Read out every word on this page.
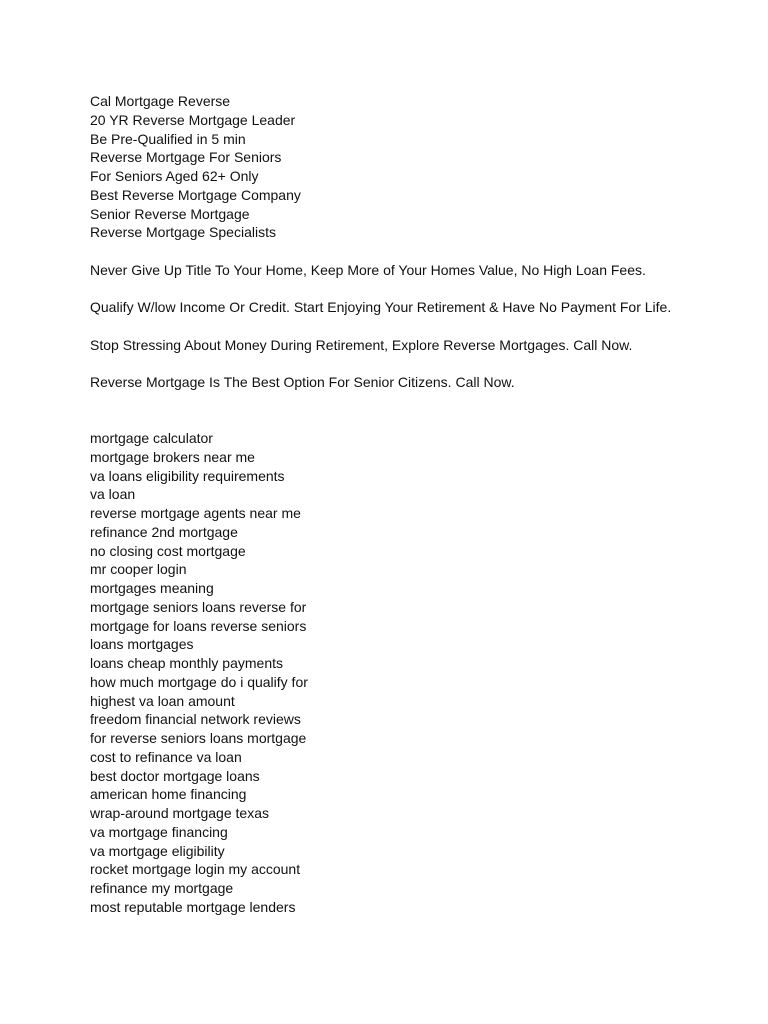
Cal Mortgage Reverse
20 YR Reverse Mortgage Leader
Be Pre-Qualified in 5 min
Reverse Mortgage For Seniors
For Seniors Aged 62+ Only
Best Reverse Mortgage Company
Senior Reverse Mortgage
Reverse Mortgage Specialists
Never Give Up Title To Your Home, Keep More of Your Homes Value, No High Loan Fees.
Qualify W/low Income Or Credit. Start Enjoying Your Retirement & Have No Payment For Life.
Stop Stressing About Money During Retirement, Explore Reverse Mortgages. Call Now.
Reverse Mortgage Is The Best Option For Senior Citizens. Call Now.
mortgage calculator
mortgage brokers near me
va loans eligibility requirements
va loan
reverse mortgage agents near me
refinance 2nd mortgage
no closing cost mortgage
mr cooper login
mortgages meaning
mortgage seniors loans reverse for
mortgage for loans reverse seniors
loans mortgages
loans cheap monthly payments
how much mortgage do i qualify for
highest va loan amount
freedom financial network reviews
for reverse seniors loans mortgage
cost to refinance va loan
best doctor mortgage loans
american home financing
wrap-around mortgage texas
va mortgage financing
va mortgage eligibility
rocket mortgage login my account
refinance my mortgage
most reputable mortgage lenders
